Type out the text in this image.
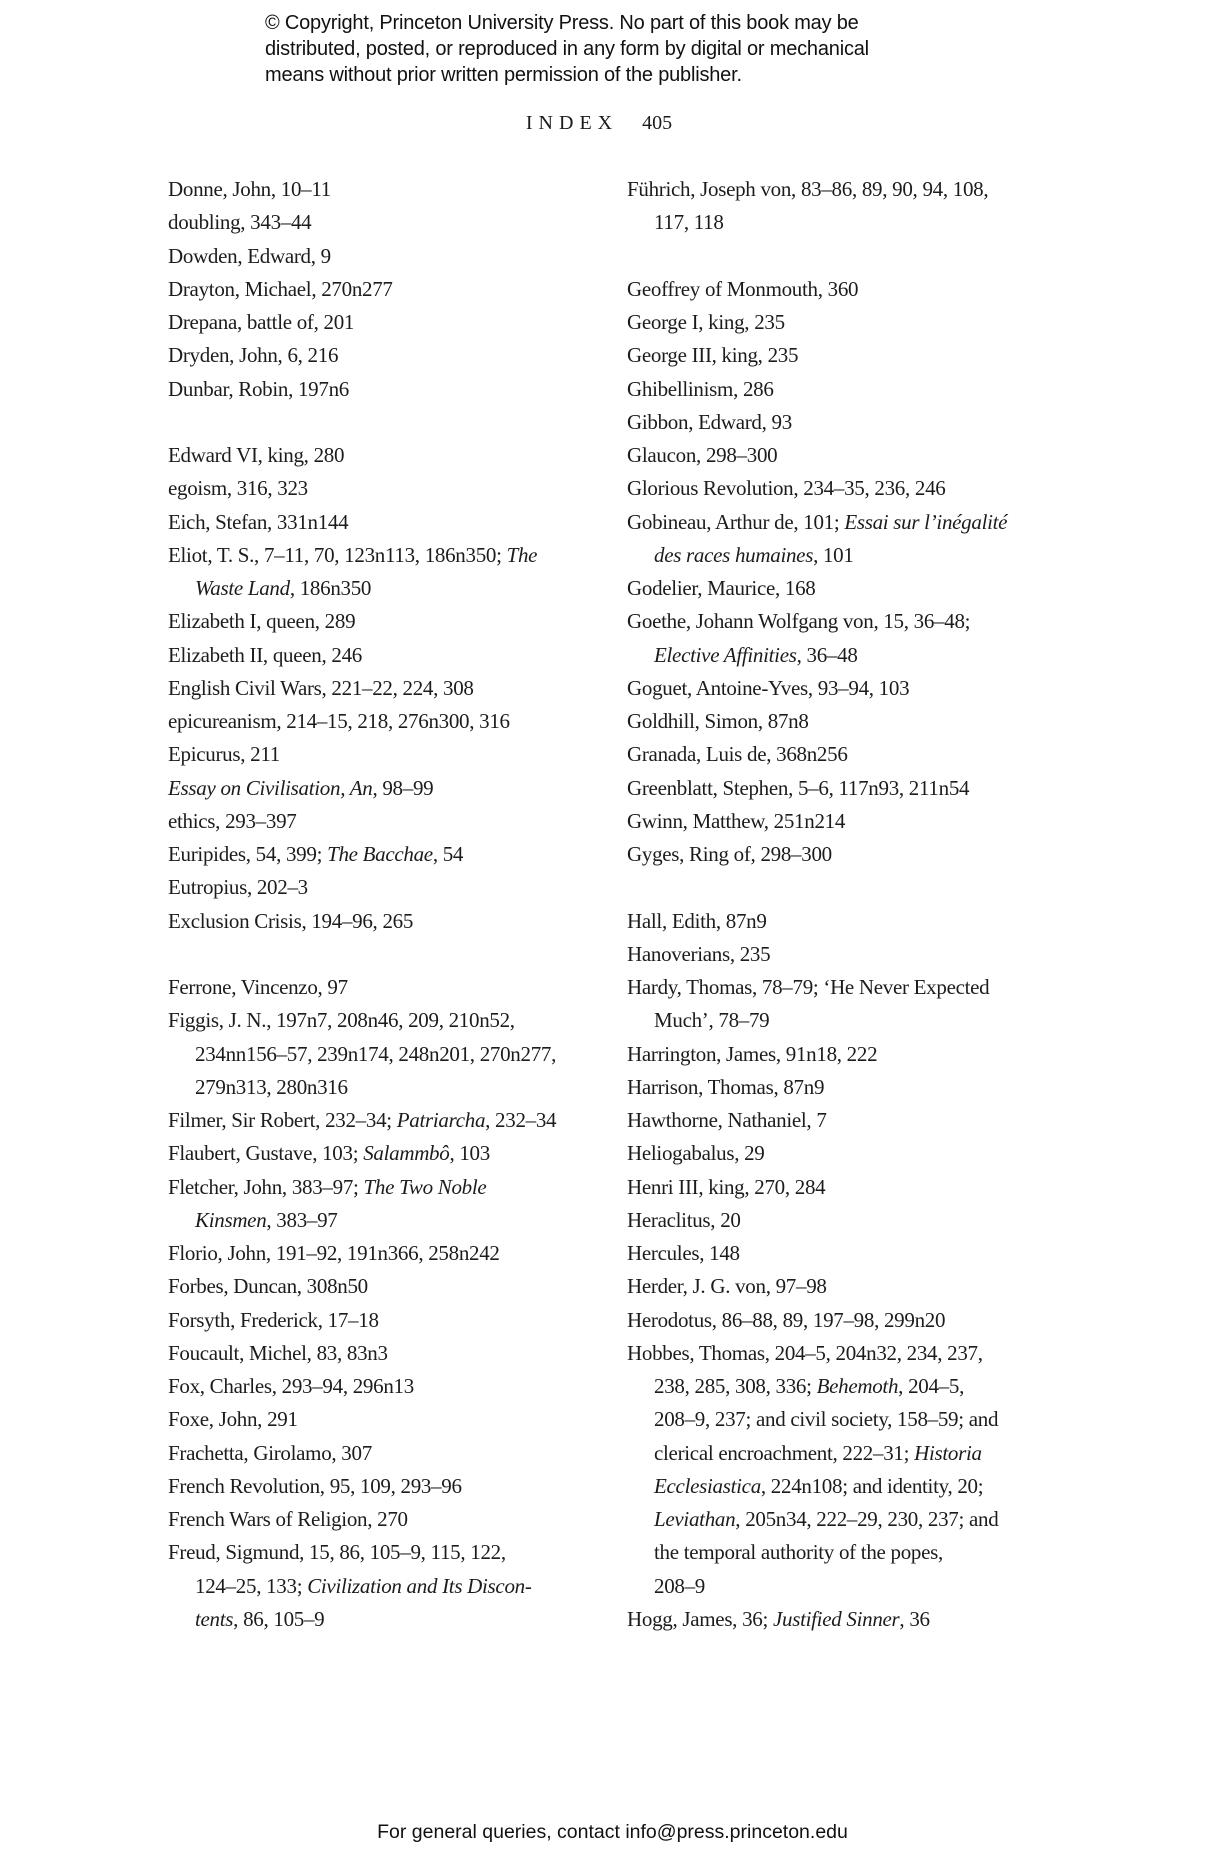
© Copyright, Princeton University Press. No part of this book may be
distributed, posted, or reproduced in any form by digital or mechanical
means without prior written permission of the publisher.
INDEX 405
Donne, John, 10–11
doubling, 343–44
Dowden, Edward, 9
Drayton, Michael, 270n277
Drepana, battle of, 201
Dryden, John, 6, 216
Dunbar, Robin, 197n6
Edward VI, king, 280
egoism, 316, 323
Eich, Stefan, 331n144
Eliot, T. S., 7–11, 70, 123n113, 186n350; The
Waste Land, 186n350
Elizabeth I, queen, 289
Elizabeth II, queen, 246
English Civil Wars, 221–22, 224, 308
epicureanism, 214–15, 218, 276n300, 316
Epicurus, 211
Essay on Civilisation, An, 98–99
ethics, 293–397
Euripides, 54, 399; The Bacchae, 54
Eutropius, 202–3
Exclusion Crisis, 194–96, 265
Ferrone, Vincenzo, 97
Figgis, J. N., 197n7, 208n46, 209, 210n52,
234nn156–57, 239n174, 248n201, 270n277,
279n313, 280n316
Filmer, Sir Robert, 232–34; Patriarcha, 232–34
Flaubert, Gustave, 103; Salammbô, 103
Fletcher, John, 383–97; The Two Noble
Kinsmen, 383–97
Florio, John, 191–92, 191n366, 258n242
Forbes, Duncan, 308n50
Forsyth, Frederick, 17–18
Foucault, Michel, 83, 83n3
Fox, Charles, 293–94, 296n13
Foxe, John, 291
Frachetta, Girolamo, 307
French Revolution, 95, 109, 293–96
French Wars of Religion, 270
Freud, Sigmund, 15, 86, 105–9, 115, 122,
124–25, 133; Civilization and Its Discon-
tents, 86, 105–9
Führich, Joseph von, 83–86, 89, 90, 94, 108,
117, 118
Geoffrey of Monmouth, 360
George I, king, 235
George III, king, 235
Ghibellinism, 286
Gibbon, Edward, 93
Glaucon, 298–300
Glorious Revolution, 234–35, 236, 246
Gobineau, Arthur de, 101; Essai sur l’inégalité
des races humaines, 101
Godelier, Maurice, 168
Goethe, Johann Wolfgang von, 15, 36–48;
Elective Affinities, 36–48
Goguet, Antoine-Yves, 93–94, 103
Goldhill, Simon, 87n8
Granada, Luis de, 368n256
Greenblatt, Stephen, 5–6, 117n93, 211n54
Gwinn, Matthew, 251n214
Gyges, Ring of, 298–300
Hall, Edith, 87n9
Hanoverians, 235
Hardy, Thomas, 78–79; ‘He Never Expected
Much’, 78–79
Harrington, James, 91n18, 222
Harrison, Thomas, 87n9
Hawthorne, Nathaniel, 7
Heliogabalus, 29
Henri III, king, 270, 284
Heraclitus, 20
Hercules, 148
Herder, J. G. von, 97–98
Herodotus, 86–88, 89, 197–98, 299n20
Hobbes, Thomas, 204–5, 204n32, 234, 237,
238, 285, 308, 336; Behemoth, 204–5,
208–9, 237; and civil society, 158–59; and
clerical encroachment, 222–31; Historia
Ecclesiastica, 224n108; and identity, 20;
Leviathan, 205n34, 222–29, 230, 237; and
the temporal authority of the popes,
208–9
Hogg, James, 36; Justified Sinner, 36
For general queries, contact info@press.princeton.edu
